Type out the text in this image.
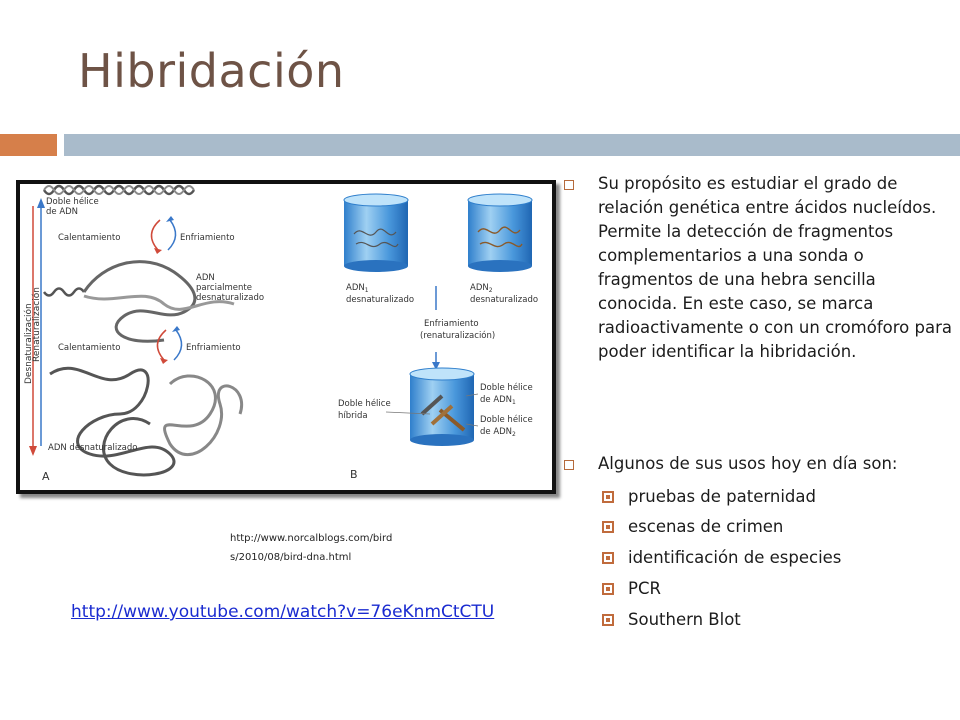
Hibridación
Desnaturalización
Renaturalización
Doble hélice
de ADN
Calentamiento	Enfriamiento
ADN
parcialmente
desnaturalizado
Calentamiento	Enfriamiento
ADN desnaturalizado
A
$ADN_1$
desnaturalizado
$ADN_2$
desnaturalizado
Enfriamiento
(renaturalización)
Doble hélice
híbrida
Doble hélice
de $ADN_1$
Doble hélice
de $ADN_2$
B
http://www.norcalblogs.com/birds/2010/08/bird-dna.html
http://www.youtube.com/watch?v=76eKnmCtCTU
Su propósito es estudiar el grado de relación genética entre ácidos nucleídos. Permite la detección de fragmentos complementarios a una sonda o fragmentos de una hebra sencilla conocida. En este caso, se marca radioactivamente o con un cromóforo para poder identificar la hibridación.
Algunos de sus usos hoy en día son:
pruebas de paternidad
escenas de crimen
identificación de especies
PCR
Southern Blot
